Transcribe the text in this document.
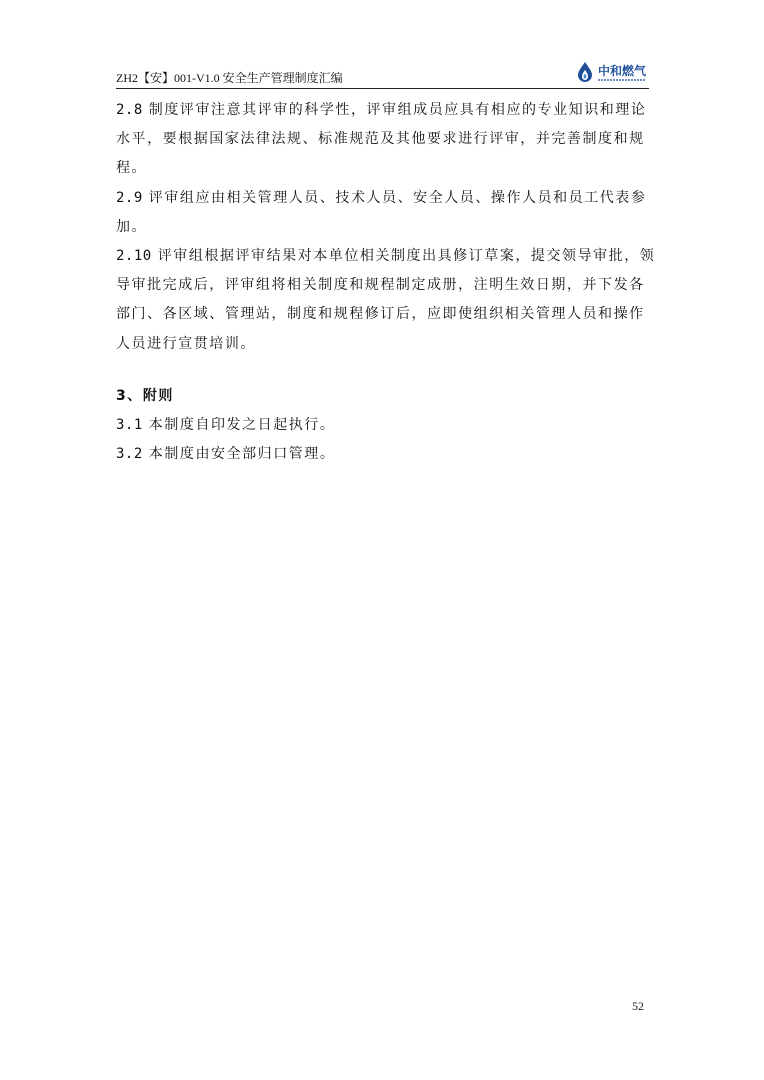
ZH2【安】001-V1.0 安全生产管理制度汇编
中和燃气

2.8 制度评审注意其评审的科学性，评审组成员应具有相应的专业知识和理论水平，要根据国家法律法规、标准规范及其他要求进行评审，并完善制度和规程。

2.9 评审组应由相关管理人员、技术人员、安全人员、操作人员和员工代表参加。

2.10 评审组根据评审结果对本单位相关制度出具修订草案，提交领导审批，领导审批完成后，评审组将相关制度和规程制定成册，注明生效日期，并下发各部门、各区域、管理站，制度和规程修订后，应即使组织相关管理人员和操作人员进行宣贯培训。

3、附则

3.1 本制度自印发之日起执行。

3.2 本制度由安全部归口管理。

52
